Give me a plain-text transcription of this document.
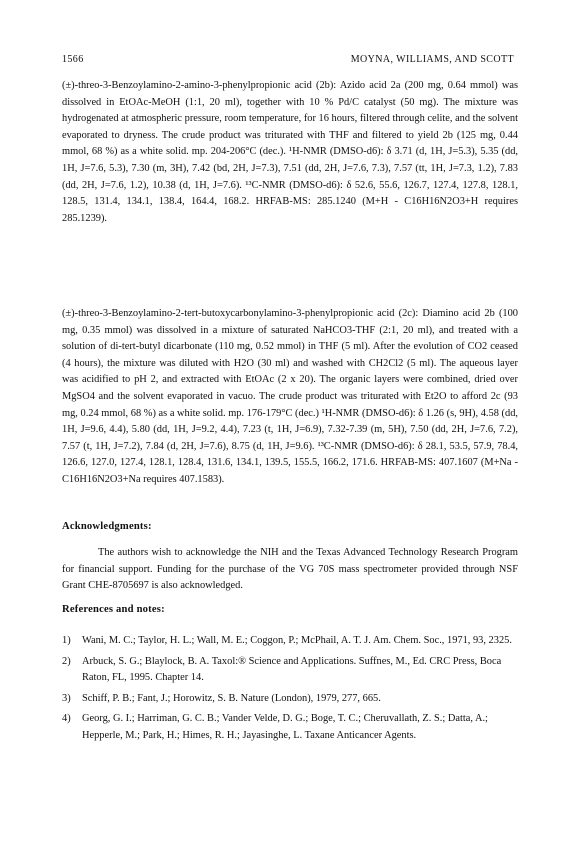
1566	MOYNA, WILLIAMS, AND SCOTT

(±)-threo-3-Benzoylamino-2-amino-3-phenylpropionic acid (2b): Azido acid 2a (200 mg, 0.64 mmol) was dissolved in EtOAc-MeOH (1:1, 20 ml), together with 10 % Pd/C catalyst (50 mg). The mixture was hydrogenated at atmospheric pressure, room temperature, for 16 hours, filtered through celite, and the solvent evaporated to dryness. The crude product was triturated with THF and filtered to yield 2b (125 mg, 0.44 mmol, 68 %) as a white solid. mp. 204-206°C (dec.). ¹H-NMR (DMSO-d6): δ 3.71 (d, 1H, J=5.3), 5.35 (dd, 1H, J=7.6, 5.3), 7.30 (m, 3H), 7.42 (bd, 2H, J=7.3), 7.51 (dd, 2H, J=7.6, 7.3), 7.57 (tt, 1H, J=7.3, 1.2), 7.83 (dd, 2H, J=7.6, 1.2), 10.38 (d, 1H, J=7.6). ¹³C-NMR (DMSO-d6): δ 52.6, 55.6, 126.7, 127.4, 127.8, 128.1, 128.5, 131.4, 134.1, 138.4, 164.4, 168.2. HRFAB-MS: 285.1240 (M+H - C16H16N2O3+H requires 285.1239).

(±)-threo-3-Benzoylamino-2-tert-butoxycarbonylamino-3-phenylpropionic acid (2c): Diamino acid 2b (100 mg, 0.35 mmol) was dissolved in a mixture of saturated NaHCO3-THF (2:1, 20 ml), and treated with a solution of di-tert-butyl dicarbonate (110 mg, 0.52 mmol) in THF (5 ml). After the evolution of CO2 ceased (4 hours), the mixture was diluted with H2O (30 ml) and washed with CH2Cl2 (5 ml). The aqueous layer was acidified to pH 2, and extracted with EtOAc (2 x 20). The organic layers were combined, dried over MgSO4 and the solvent evaporated in vacuo. The crude product was triturated with Et2O to afford 2c (93 mg, 0.24 mmol, 68 %) as a white solid. mp. 176-179°C (dec.) ¹H-NMR (DMSO-d6): δ 1.26 (s, 9H), 4.58 (dd, 1H, J=9.6, 4.4), 5.80 (dd, 1H, J=9.2, 4.4), 7.23 (t, 1H, J=6.9), 7.32-7.39 (m, 5H), 7.50 (dd, 2H, J=7.6, 7.2), 7.57 (t, 1H, J=7.2), 7.84 (d, 2H, J=7.6), 8.75 (d, 1H, J=9.6). ¹³C-NMR (DMSO-d6): δ 28.1, 53.5, 57.9, 78.4, 126.6, 127.0, 127.4, 128.1, 128.4, 131.6, 134.1, 139.5, 155.5, 166.2, 171.6. HRFAB-MS: 407.1607 (M+Na - C16H16N2O3+Na requires 407.1583).

Acknowledgments:

The authors wish to acknowledge the NIH and the Texas Advanced Technology Research Program for financial support. Funding for the purchase of the VG 70S mass spectrometer provided through NSF Grant CHE-8705697 is also acknowledged.

References and notes:
1) Wani, M. C.; Taylor, H. L.; Wall, M. E.; Coggon, P.; McPhail, A. T. J. Am. Chem. Soc., 1971, 93, 2325.
2) Arbuck, S. G.; Blaylock, B. A. Taxol:® Science and Applications. Suffnes, M., Ed. CRC Press, Boca Raton, FL, 1995. Chapter 14.
3) Schiff, P. B.; Fant, J.; Horowitz, S. B. Nature (London), 1979, 277, 665.
4) Georg, G. I.; Harriman, G. C. B.; Vander Velde, D. G.; Boge, T. C.; Cheruvallath, Z. S.; Datta, A.; Hepperle, M.; Park, H.; Himes, R. H.; Jayasinghe, L. Taxane Anticancer Agents.
